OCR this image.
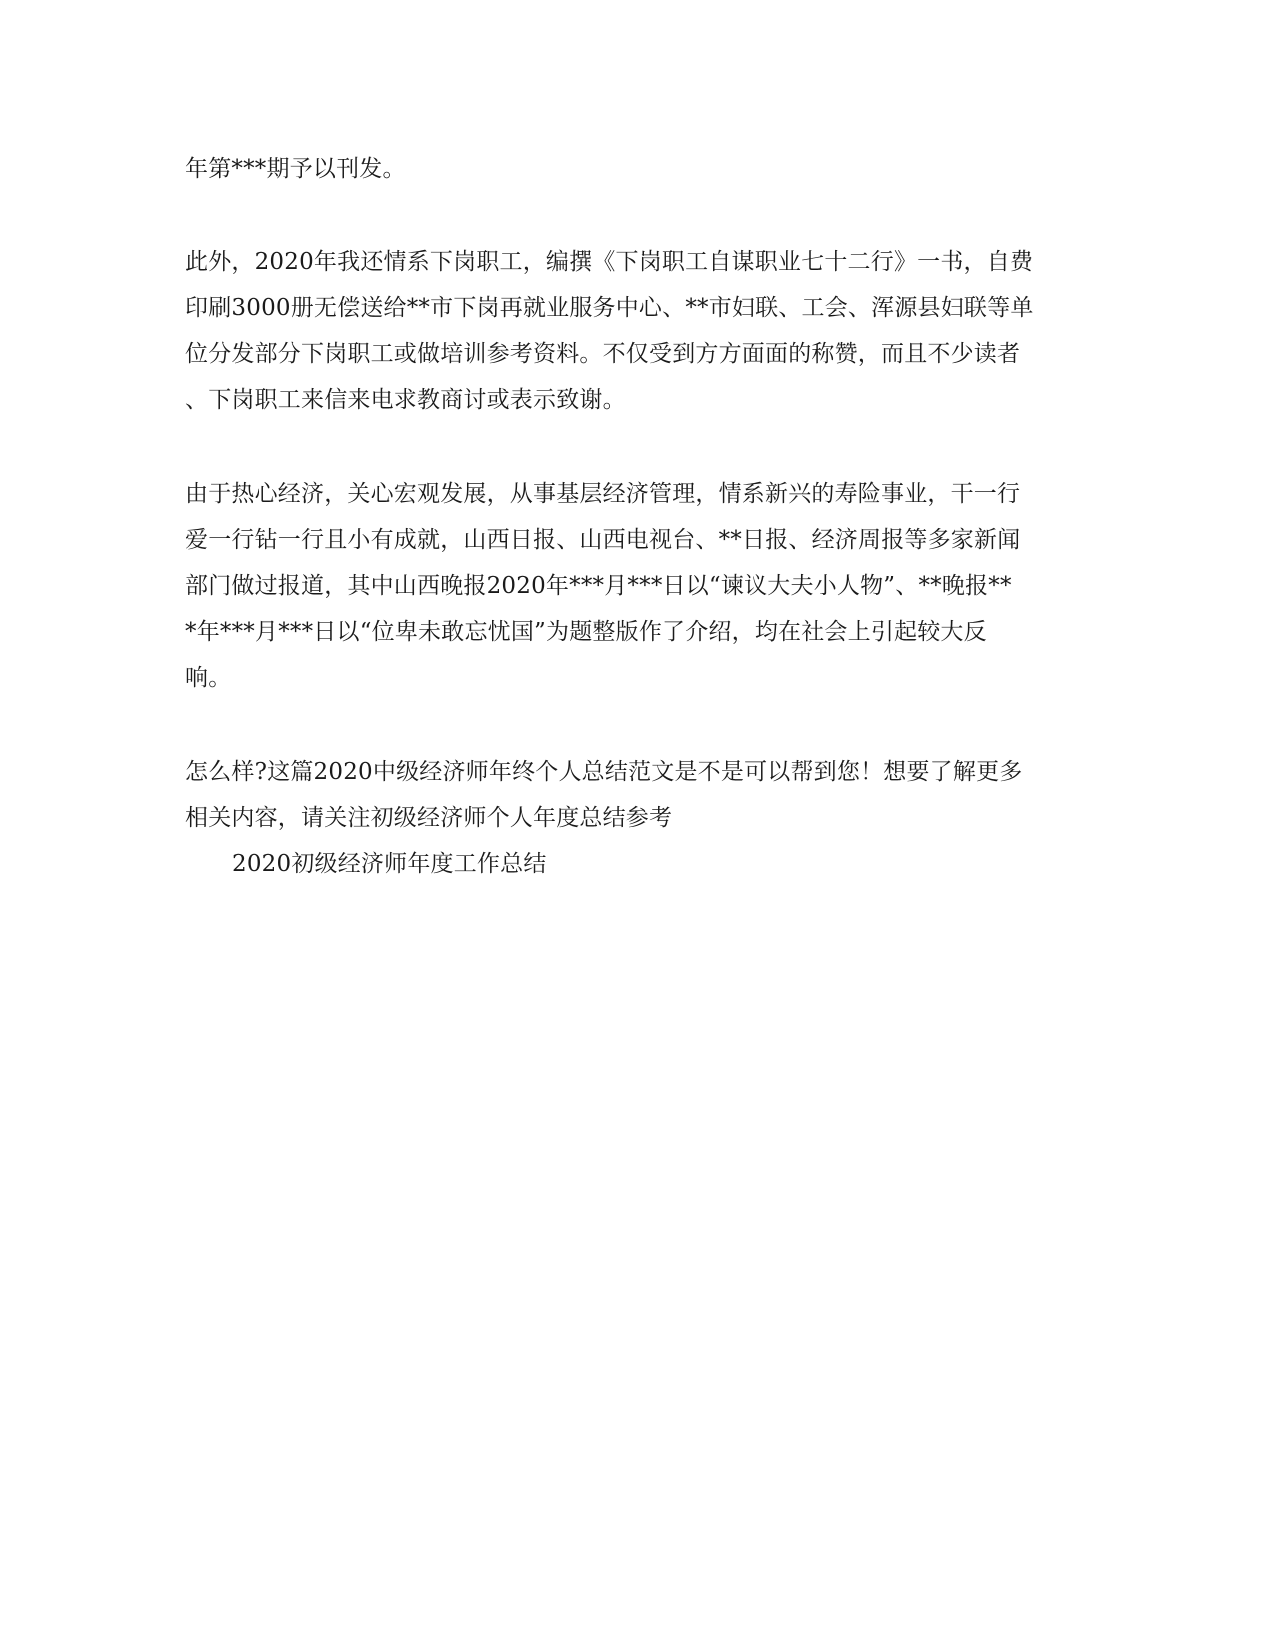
年第***期予以刊发。
此外，2020年我还情系下岗职工，编撰《下岗职工自谋职业七十二行》一书，自费
印刷3000册无偿送给**市下岗再就业服务中心、**市妇联、工会、浑源县妇联等单
位分发部分下岗职工或做培训参考资料。不仅受到方方面面的称赞，而且不少读者
、下岗职工来信来电求教商讨或表示致谢。
由于热心经济，关心宏观发展，从事基层经济管理，情系新兴的寿险事业，干一行
爱一行钻一行且小有成就，山西日报、山西电视台、**日报、经济周报等多家新闻
部门做过报道，其中山西晚报2020年***月***日以“谏议大夫小人物”、**晚报**
*年***月***日以“位卑未敢忘忧国”为题整版作了介绍，均在社会上引起较大反
响。
怎么样?这篇2020中级经济师年终个人总结范文是不是可以帮到您！想要了解更多
相关内容，请关注初级经济师个人年度总结参考
2020初级经济师年度工作总结
